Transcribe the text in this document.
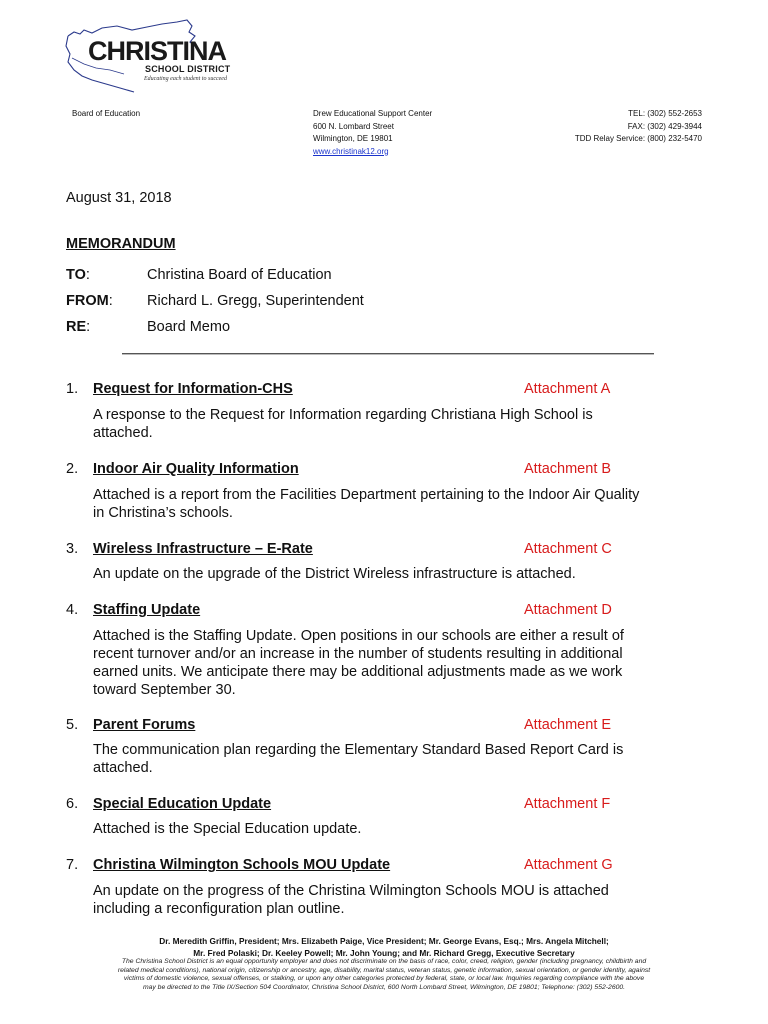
CHRISTINA
SCHOOL DISTRICT
Educating each student to succeed
Board of Education	Drew Educational Support Center
600 N. Lombard Street
Wilmington, DE 19801
www.christinak12.org
TEL: (302) 552-2653
FAX: (302) 429-3944
TDD Relay Service: (800) 232-5470
August 31, 2018
MEMORANDUM
TO:	Christina Board of Education
FROM: Richard L. Gregg, Superintendent
RE:	Board Memo
1. Request for Information-CHS	Attachment A
A response to the Request for Information regarding Christiana High School is
attached.
2. Indoor Air Quality Information	Attachment B
Attached is a report from the Facilities Department pertaining to the Indoor Air Quality
in Christina’s schools.
3. Wireless Infrastructure – E-Rate	Attachment C
An update on the upgrade of the District Wireless infrastructure is attached.
4. Staffing Update	Attachment D
Attached is the Staffing Update. Open positions in our schools are either a result of
recent turnover and/or an increase in the number of students resulting in additional
earned units. We anticipate there may be additional adjustments made as we work
toward September 30.
5. Parent Forums	Attachment E
The communication plan regarding the Elementary Standard Based Report Card is
attached.
6. Special Education Update	Attachment F
Attached is the Special Education update.
7. Christina Wilmington Schools MOU Update	Attachment G
An update on the progress of the Christina Wilmington Schools MOU is attached
including a reconfiguration plan outline.
Dr. Meredith Griffin, President; Mrs. Elizabeth Paige, Vice President; Mr. George Evans, Esq.; Mrs. Angela Mitchell;
Mr. Fred Polaski; Dr. Keeley Powell; Mr. John Young; and Mr. Richard Gregg, Executive Secretary
The Christina School District is an equal opportunity employer and does not discriminate on the basis of race, color, creed, religion, gender (including pregnancy, childbirth and
related medical conditions), national origin, citizenship or ancestry, age, disability, marital status, veteran status, genetic information, sexual orientation, or gender identity, against
victims of domestic violence, sexual offenses, or stalking, or upon any other categories protected by federal, state, or local law. Inquiries regarding compliance with the above
may be directed to the Title IX/Section 504 Coordinator, Christina School District, 600 North Lombard Street, Wilmington, DE 19801; Telephone: (302) 552-2600.
